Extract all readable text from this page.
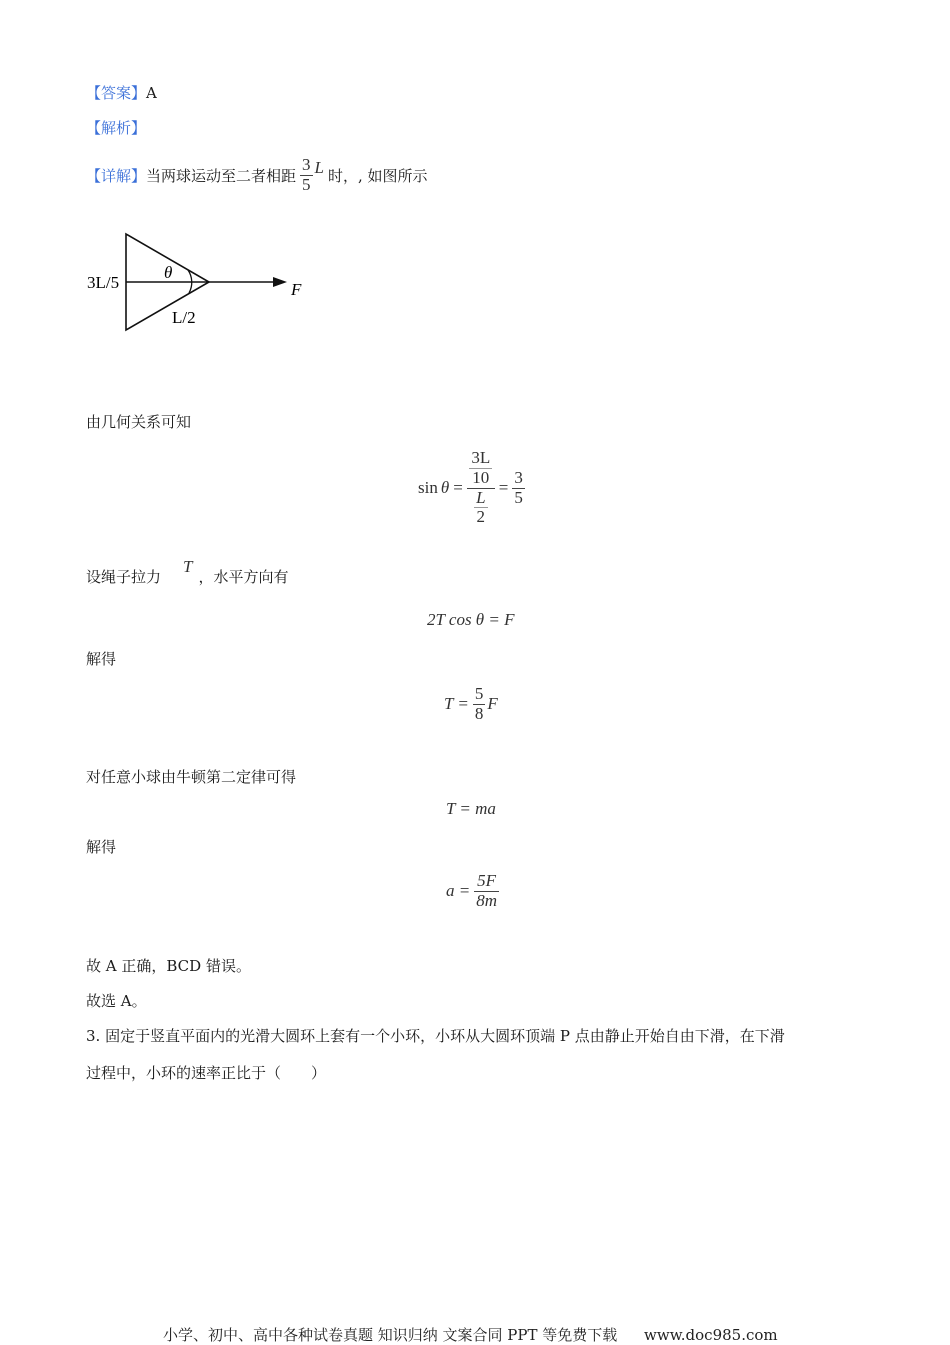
【答案】A
【解析】
【详解】 当两球运动至二者相距 $\frac{3}{5}$ L 时，, 如图所示
3L/5
θ
L/2
F
由几何关系可知
$\sin \theta = \frac{\frac{3L}{10}}{\frac{L}{2}} = \frac{3}{5}$
设绳子拉力
T
，水平方向有
2T cos θ = F
解得
$T = \frac{5}{8}$ F
对任意小球由牛顿第二定律可得
T = ma
解得
$a = \frac{5F}{8m}$
故 A 正确，BCD 错误。
故选 A。
3. 固定于竖直平面内的光滑大圆环上套有一个小环，小环从大圆环顶端 P 点由静止开始自由下滑，在下滑
过程中，小环的速率正比于（　　）
小学、初中、高中各种试卷真题 知识归纳 文案合同 PPT 等免费下载 www.doc985.com
